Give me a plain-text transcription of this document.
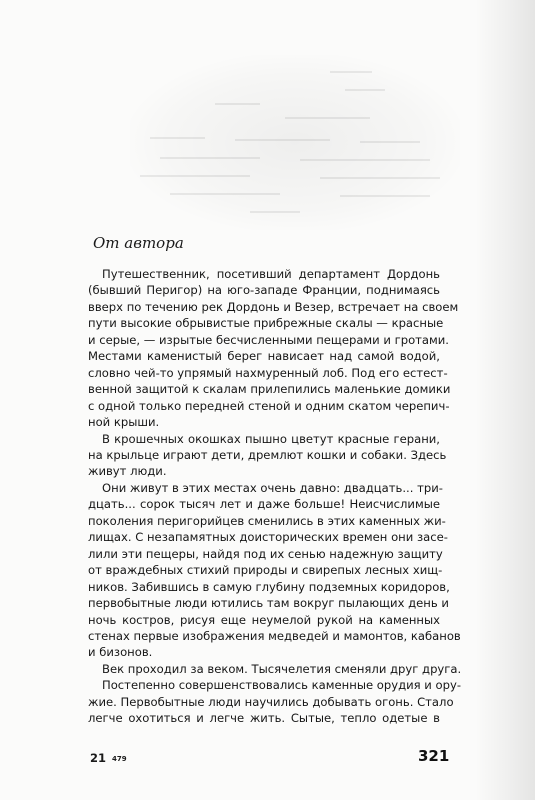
От автора
Путешественник, посетивший департамент Дордонь
(бывший Перигор) на юго-западе Франции, поднимаясь
вверх по течению рек Дордонь и Везер, встречает на своем
пути высокие обрывистые прибрежные скалы — красные
и серые, — изрытые бесчисленными пещерами и гротами.
Местами каменистый берег нависает над самой водой,
словно чей-то упрямый нахмуренный лоб. Под его естест-
венной защитой к скалам прилепились маленькие домики
с одной только передней стеной и одним скатом черепич-
ной крыши.
В крошечных окошках пышно цветут красные герани,
на крыльце играют дети, дремлют кошки и собаки. Здесь
живут люди.
Они живут в этих местах очень давно: двадцать... три-
дцать... сорок тысяч лет и даже больше! Неисчислимые
поколения перигорийцев сменились в этих каменных жи-
лищах. С незапамятных доисторических времен они засе-
лили эти пещеры, найдя под их сенью надежную защиту
от враждебных стихий природы и свирепых лесных хищ-
ников. Забившись в самую глубину подземных коридоров,
первобытные люди ютились там вокруг пылающих день и
ночь костров, рисуя еще неумелой рукой на каменных
стенах первые изображения медведей и мамонтов, кабанов
и бизонов.
Век проходил за веком. Тысячелетия сменяли друг друга.
Постепенно совершенствовались каменные орудия и ору-
жие. Первобытные люди научились добывать огонь. Стало
легче охотиться и легче жить. Сытые, тепло одетые в
21 479	321
